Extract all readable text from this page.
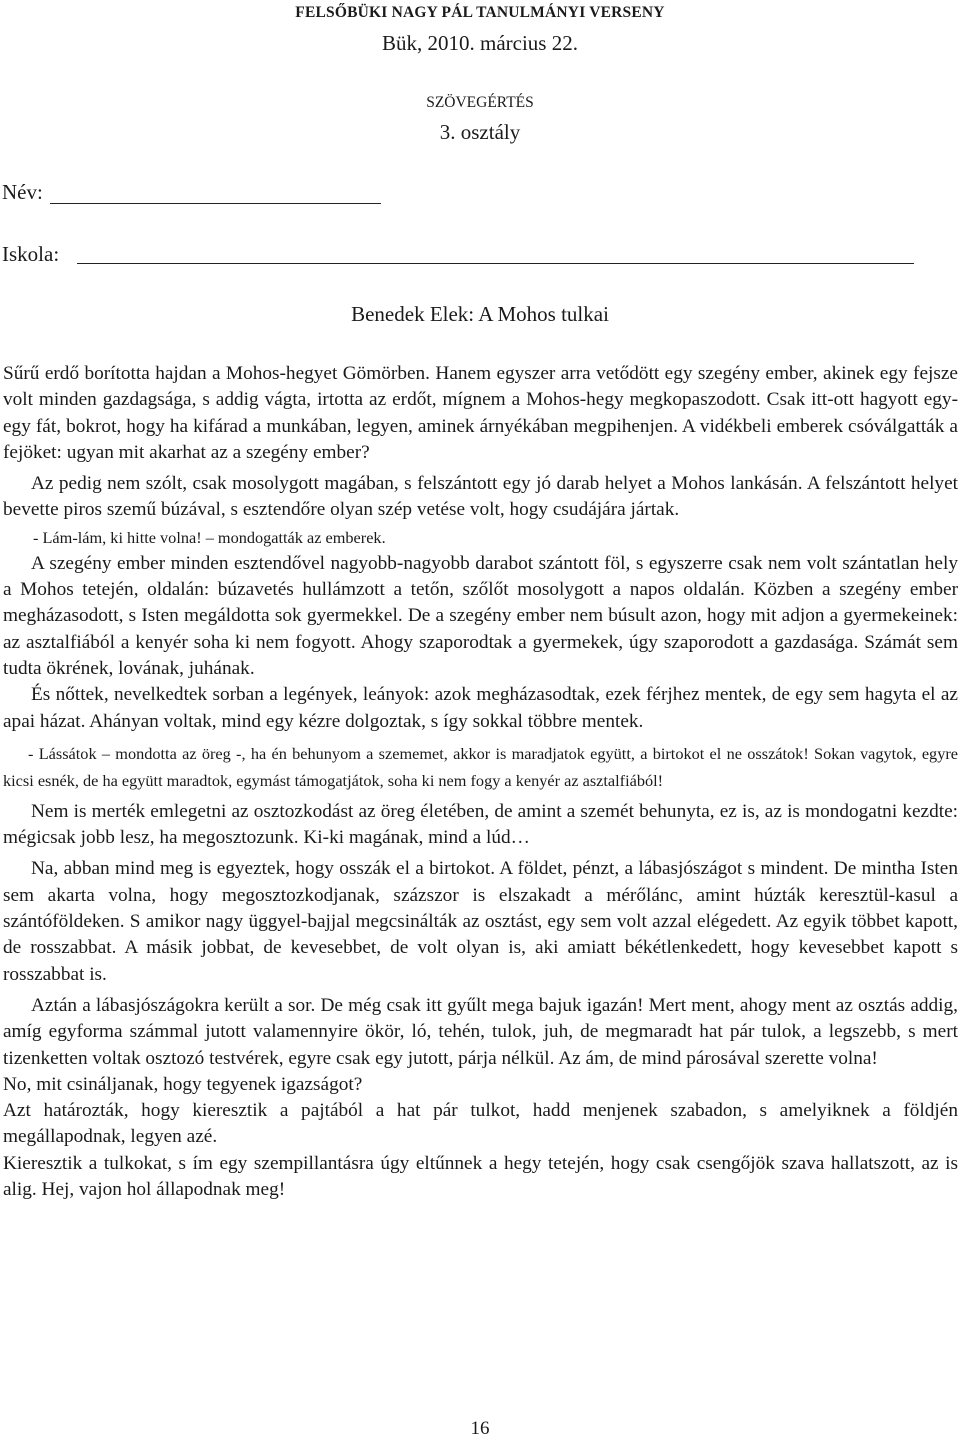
FELSŐBÜKI NAGY PÁL TANULMÁNYI VERSENY
Bük, 2010. március 22.
SZÖVEGÉRTÉS
3. osztály
Név:
Iskola:
Benedek Elek: A Mohos tulkai

Sűrű erdő borította hajdan a Mohos-hegyet Gömörben. Hanem egyszer arra vetődött egy szegény ember, akinek egy fejsze volt minden gazdagsága, s addig vágta, irtotta az erdőt, mígnem a Mohos-hegy megkopaszodott. Csak itt-ott hagyott egy-egy fát, bokrot, hogy ha kifárad a munkában, legyen, aminek árnyékában megpihenjen. A vidékbeli emberek csóválgatták a fejöket: ugyan mit akarhat az a szegény ember?

Az pedig nem szólt, csak mosolygott magában, s felszántott egy jó darab helyet a Mohos lankásán. A felszántott helyet bevette piros szemű búzával, s esztendőre olyan szép vetése volt, hogy csudájára jártak.

- Lám-lám, ki hitte volna! – mondogatták az emberek.

A szegény ember minden esztendővel nagyobb-nagyobb darabot szántott föl, s egyszerre csak nem volt szántatlan hely a Mohos tetején, oldalán: búzavetés hullámzott a tetőn, szőlőt mosolygott a napos oldalán. Közben a szegény ember megházasodott, s Isten megáldotta sok gyermekkel. De a szegény ember nem búsult azon, hogy mit adjon a gyermekeinek: az asztalfiából a kenyér soha ki nem fogyott. Ahogy szaporodtak a gyermekek, úgy szaporodott a gazdasága. Számát sem tudta ökrének, lovának, juhának.

És nőttek, nevelkedtek sorban a legények, leányok: azok megházasodtak, ezek férjhez mentek, de egy sem hagyta el az apai házat. Ahányan voltak, mind egy kézre dolgoztak, s így sokkal többre mentek.

- Lássátok – mondotta az öreg -, ha én behunyom a szememet, akkor is maradjatok együtt, a birtokot el ne osszátok! Sokan vagytok, egyre kicsi esnék, de ha együtt maradtok, egymást támogatjátok, soha ki nem fogy a kenyér az asztalfiából!

Nem is merték emlegetni az osztozkodást az öreg életében, de amint a szemét behunyta, ez is, az is mondogatni kezdte: mégicsak jobb lesz, ha megosztozunk. Ki-ki magának, mind a lúd…

Na, abban mind meg is egyeztek, hogy osszák el a birtokot. A földet, pénzt, a lábasjószágot s mindent. De mintha Isten sem akarta volna, hogy megosztozkodjanak, százszor is elszakadt a mérőlánc, amint húzták keresztül-kasul a szántóföldeken. S amikor nagy üggyel-bajjal megcsinálták az osztást, egy sem volt azzal elégedett. Az egyik többet kapott, de rosszabbat. A másik jobbat, de kevesebbet, de volt olyan is, aki amiatt békétlenkedett, hogy kevesebbet kapott s rosszabbat is.

Aztán a lábasjószágokra került a sor. De még csak itt gyűlt mega bajuk igazán! Mert ment, ahogy ment az osztás addig, amíg egyforma számmal jutott valamennyire ökör, ló, tehén, tulok, juh, de megmaradt hat pár tulok, a legszebb, s mert tizenketten voltak osztozó testvérek, egyre csak egy jutott, párja nélkül. Az ám, de mind párosával szerette volna!

No, mit csináljanak, hogy tegyenek igazságot?

Azt határozták, hogy kieresztik a pajtából a hat pár tulkot, hadd menjenek szabadon, s amelyiknek a földjén megállapodnak, legyen azé.

Kieresztik a tulkokat, s ím egy szempillantásra úgy eltűnnek a hegy tetején, hogy csak csengőjök szava hallatszott, az is alig. Hej, vajon hol állapodnak meg!

16
